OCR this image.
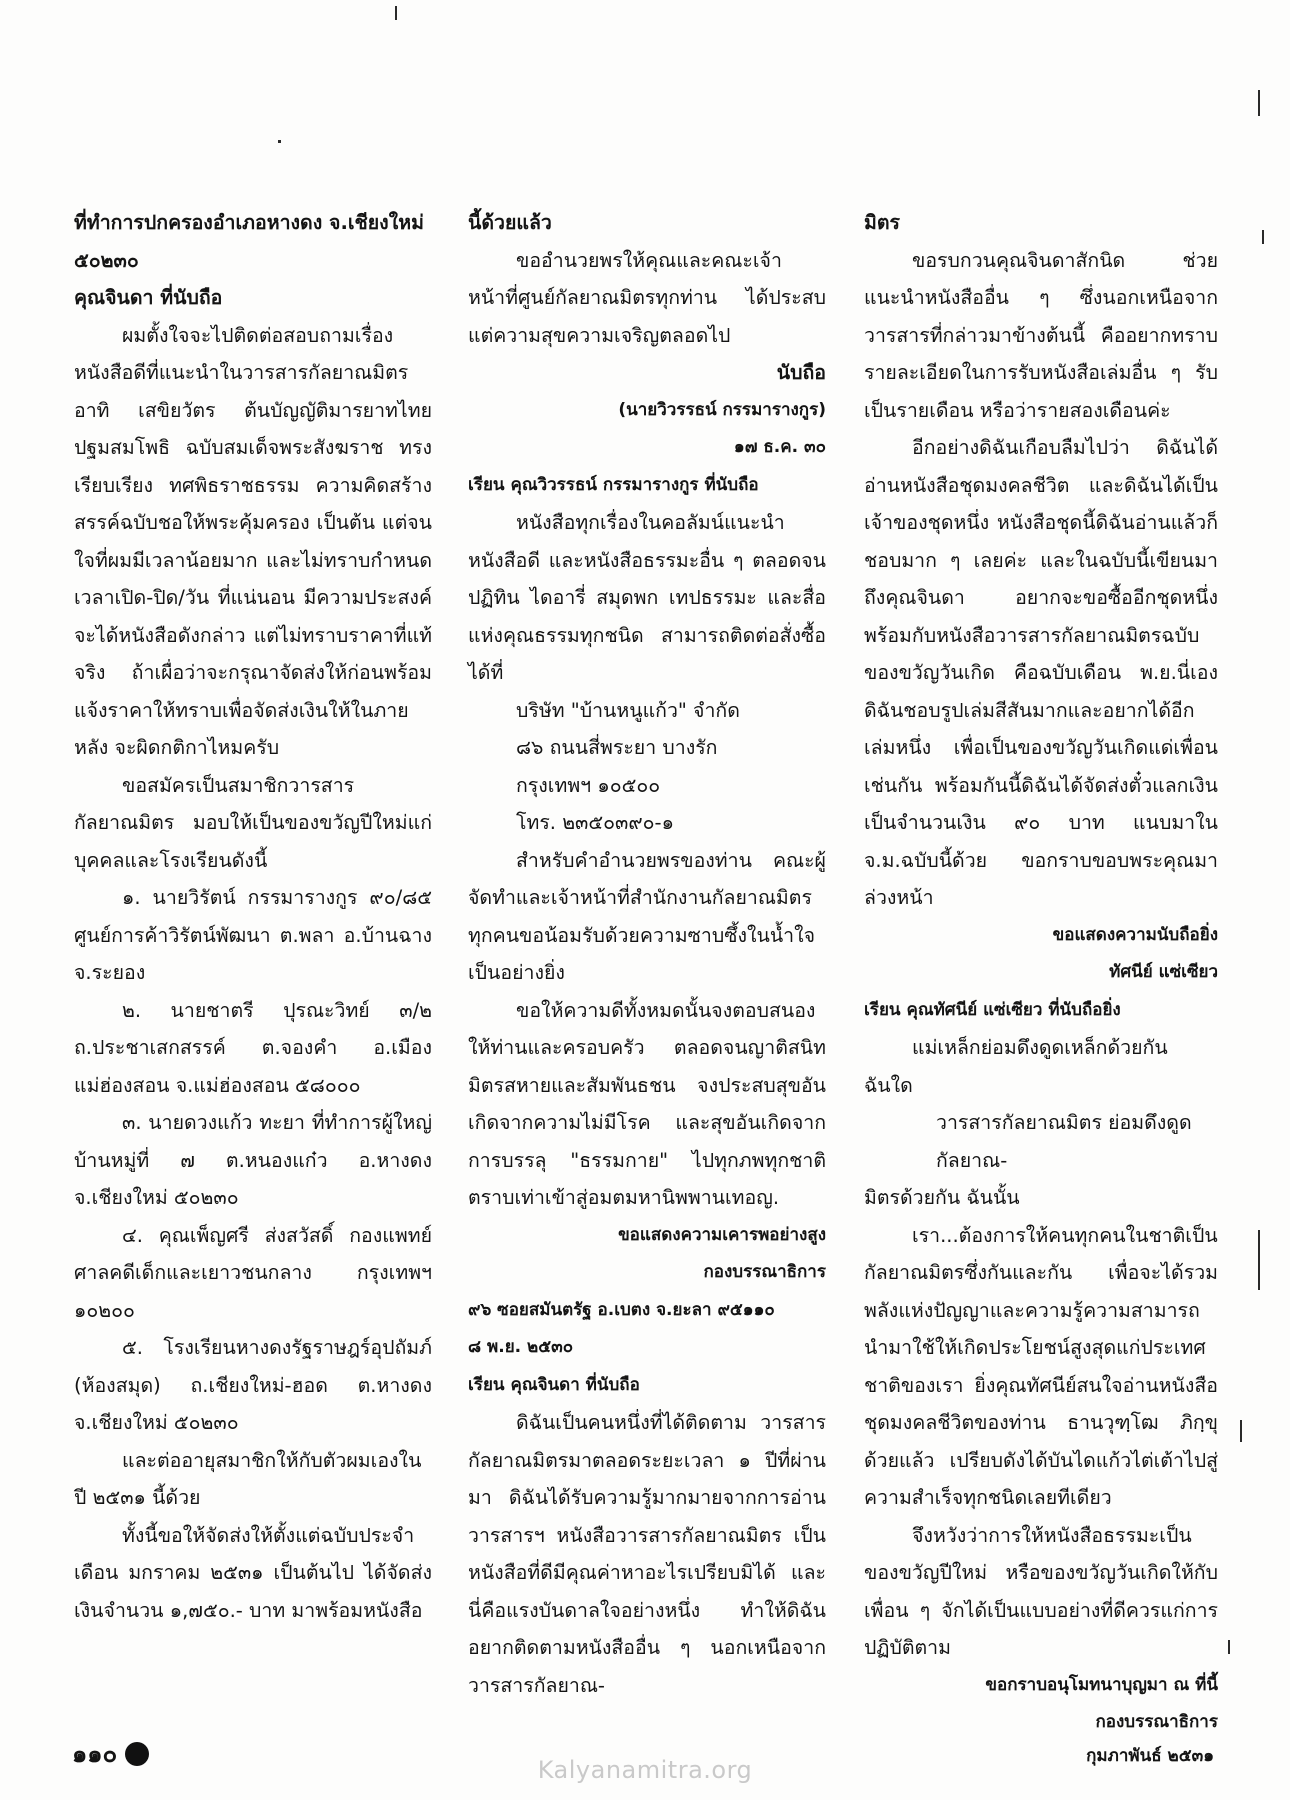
ที่ทำการปกครองอำเภอหางดง จ.เชียงใหม่ ๕๐๒๓๐

คุณจินดา ที่นับถือ

ผมตั้งใจจะไปติดต่อสอบถามเรื่องหนังสือดีที่แนะนำในวารสารกัลยาณมิตร อาทิ เสขิยวัตร ต้นบัญญัติมารยาทไทย ปฐมสมโพธิ ฉบับสมเด็จพระสังฆราช ทรงเรียบเรียง ทศพิธราชธรรม ความคิดสร้างสรรค์ฉบับชอให้พระคุ้มครอง เป็นต้น แต่จนใจที่ผมมีเวลาน้อยมาก และไม่ทราบกำหนดเวลาเปิด-ปิด/วัน ที่แน่นอน มีความประสงค์จะได้หนังสือดังกล่าว แต่ไม่ทราบราคาที่แท้จริง ถ้าเผื่อว่าจะกรุณาจัดส่งให้ก่อนพร้อมแจ้งราคาให้ทราบเพื่อจัดส่งเงินให้ในภายหลัง จะผิดกติกาไหมครับ

ขอสมัครเป็นสมาชิกวารสารกัลยาณมิตร มอบให้เป็นของขวัญปีใหม่แก่บุคคลและโรงเรียนดังนี้

๑. นายวิรัตน์ กรรมารางกูร ๙๐/๘๕ ศูนย์การค้าวิรัตน์พัฒนา ต.พลา อ.บ้านฉาง จ.ระยอง

๒. นายชาตรี ปุรณะวิทย์ ๓/๒ ถ.ประชาเสกสรรค์ ต.จองคำ อ.เมืองแม่ฮ่องสอน จ.แม่ฮ่องสอน ๕๘๐๐๐

๓. นายดวงแก้ว ทะยา ที่ทำการผู้ใหญ่บ้านหมู่ที่ ๗ ต.หนองแก๋ว อ.หางดง จ.เชียงใหม่ ๕๐๒๓๐

๔. คุณเพ็ญศรี ส่งสวัสดิ์ กองแพทย์ ศาลคดีเด็กและเยาวชนกลาง กรุงเทพฯ ๑๐๒๐๐

๕. โรงเรียนหางดงรัฐราษฎร์อุปถัมภ์ (ห้องสมุด) ถ.เชียงใหม่-ฮอด ต.หางดง จ.เชียงใหม่ ๕๐๒๓๐

และต่ออายุสมาชิกให้กับตัวผมเองในปี ๒๕๓๑ นี้ด้วย

ทั้งนี้ขอให้จัดส่งให้ตั้งแต่ฉบับประจำเดือน มกราคม ๒๕๓๑ เป็นต้นไป ได้จัดส่งเงินจำนวน ๑,๗๕๐.- บาท มาพร้อมหนังสือ

นี้ด้วยแล้ว

ขออำนวยพรให้คุณและคณะเจ้าหน้าที่ศูนย์กัลยาณมิตรทุกท่าน ได้ประสบแต่ความสุขความเจริญตลอดไป

นับถือ

(นายวิวรรธน์ กรรมารางกูร)

๑๗ ธ.ค. ๓๐

เรียน คุณวิวรรธน์ กรรมารางกูร ที่นับถือ

หนังสือทุกเรื่องในคอลัมน์แนะนำหนังสือดี และหนังสือธรรมะอื่น ๆ ตลอดจนปฏิทิน ไดอารี่ สมุดพก เทปธรรมะ และสื่อแห่งคุณธรรมทุกชนิด สามารถติดต่อสั่งซื้อได้ที่

บริษัท "บ้านหนูแก้ว" จำกัด

๘๖ ถนนสี่พระยา บางรัก

กรุงเทพฯ ๑๐๕๐๐

โทร. ๒๓๕๐๓๙๐-๑

สำหรับคำอำนวยพรของท่าน คณะผู้จัดทำและเจ้าหน้าที่สำนักงานกัลยาณมิตร ทุกคนขอน้อมรับด้วยความซาบซึ้งในน้ำใจเป็นอย่างยิ่ง

ขอให้ความดีทั้งหมดนั้นจงตอบสนองให้ท่านและครอบครัว ตลอดจนญาติสนิทมิตรสหายและสัมพันธชน จงประสบสุขอันเกิดจากความไม่มีโรค และสุขอันเกิดจากการบรรลุ "ธรรมกาย" ไปทุกภพทุกชาติตราบเท่าเข้าสู่อมตมหานิพพานเทอญ.

ขอแสดงความเคารพอย่างสูง

กองบรรณาธิการ

๙๖ ซอยสมันตรัฐ อ.เบตง จ.ยะลา ๙๕๑๑๐

๘ พ.ย. ๒๕๓๐

เรียน คุณจินดา ที่นับถือ

ดิฉันเป็นคนหนึ่งที่ได้ติดตาม วารสารกัลยาณมิตรมาตลอดระยะเวลา ๑ ปีที่ผ่านมา ดิฉันได้รับความรู้มากมายจากการอ่านวารสารฯ หนังสือวารสารกัลยาณมิตร เป็นหนังสือที่ดีมีคุณค่าหาอะไรเปรียบมิได้ และนี่คือแรงบันดาลใจอย่างหนึ่ง ทำให้ดิฉันอยากติดตามหนังสืออื่น ๆ นอกเหนือจากวารสารกัลยาณ-

มิตร

ขอรบกวนคุณจินดาสักนิด ช่วยแนะนำหนังสืออื่น ๆ ซึ่งนอกเหนือจากวารสารที่กล่าวมาข้างต้นนี้ คืออยากทราบรายละเอียดในการรับหนังสือเล่มอื่น ๆ รับเป็นรายเดือน หรือว่ารายสองเดือนค่ะ

อีกอย่างดิฉันเกือบลืมไปว่า ดิฉันได้อ่านหนังสือชุดมงคลชีวิต และดิฉันได้เป็นเจ้าของชุดหนึ่ง หนังสือชุดนี้ดิฉันอ่านแล้วก็ชอบมาก ๆ เลยค่ะ และในฉบับนี้เขียนมาถึงคุณจินดา อยากจะขอซื้ออีกชุดหนึ่ง พร้อมกับหนังสือวารสารกัลยาณมิตรฉบับของขวัญวันเกิด คือฉบับเดือน พ.ย.นี่เอง ดิฉันชอบรูปเล่มสีสันมากและอยากได้อีกเล่มหนึ่ง เพื่อเป็นของขวัญวันเกิดแด่เพื่อนเช่นกัน พร้อมกันนี้ดิฉันได้จัดส่งตั๋วแลกเงินเป็นจำนวนเงิน ๙๐ บาท แนบมาใน จ.ม.ฉบับนี้ด้วย ขอกราบขอบพระคุณมาล่วงหน้า

ขอแสดงความนับถือยิ่ง

ทัศนีย์ แซ่เซียว

เรียน คุณทัศนีย์ แซ่เซียว ที่นับถือยิ่ง

แม่เหล็กย่อมดึงดูดเหล็กด้วยกัน ฉันใด

วารสารกัลยาณมิตร ย่อมดึงดูดกัลยาณ-

มิตรด้วยกัน ฉันนั้น

เรา...ต้องการให้คนทุกคนในชาติเป็นกัลยาณมิตรซึ่งกันและกัน เพื่อจะได้รวมพลังแห่งปัญญาและความรู้ความสามารถ นำมาใช้ให้เกิดประโยชน์สูงสุดแก่ประเทศชาติของเรา ยิ่งคุณทัศนีย์สนใจอ่านหนังสือชุดมงคลชีวิตของท่าน ธานวุฑฺโฒ ภิกฺขุ ด้วยแล้ว เปรียบดังได้บันไดแก้วไต่เต้าไปสู่ความสำเร็จทุกชนิดเลยทีเดียว

จึงหวังว่าการให้หนังสือธรรมะเป็นของขวัญปีใหม่ หรือของขวัญวันเกิดให้กับเพื่อน ๆ จักได้เป็นแบบอย่างที่ดีควรแก่การปฏิบัติตาม

ขอกราบอนุโมทนาบุญมา ณ ที่นี้

กองบรรณาธิการ

๑๑๐	กุมภาพันธ์ ๒๕๓๑
Kalyanamitra.org
